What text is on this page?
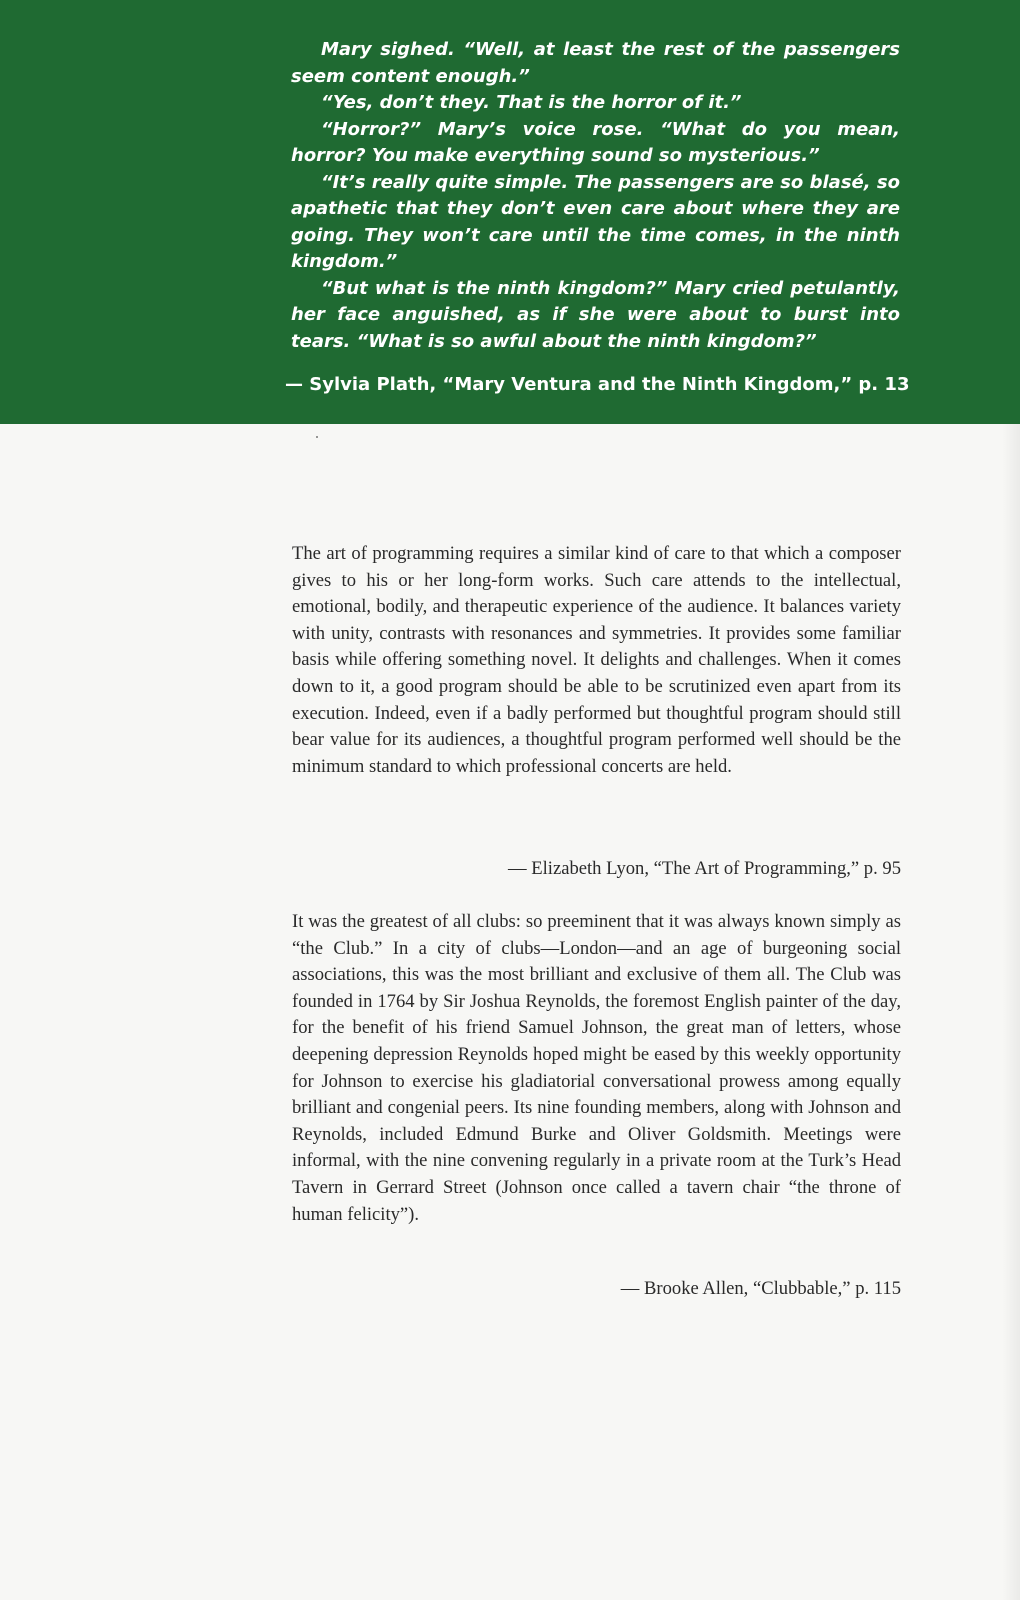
Mary sighed. “Well, at least the rest of the passengers seem content enough.”

“Yes, don’t they. That is the horror of it.”

“Horror?” Mary’s voice rose. “What do you mean, horror? You make everything sound so mysterious.”

“It’s really quite simple. The passengers are so blasé, so apathetic that they don’t even care about where they are going. They won’t care until the time comes, in the ninth kingdom.”

“But what is the ninth kingdom?” Mary cried petulantly, her face anguished, as if she were about to burst into tears. “What is so awful about the ninth kingdom?”

— Sylvia Plath, “Mary Ventura and the Ninth Kingdom,” p. 13
The art of programming requires a similar kind of care to that which a composer gives to his or her long-form works. Such care attends to the intellectual, emotional, bodily, and therapeutic experience of the audience. It balances variety with unity, contrasts with resonances and symmetries. It provides some familiar basis while offering something novel. It delights and challenges. When it comes down to it, a good program should be able to be scrutinized even apart from its execution. Indeed, even if a badly performed but thoughtful program should still bear value for its audiences, a thoughtful program performed well should be the minimum standard to which professional concerts are held.
— Elizabeth Lyon, “The Art of Programming,” p. 95
It was the greatest of all clubs: so preeminent that it was always known simply as “the Club.” In a city of clubs—London—and an age of burgeoning social associations, this was the most brilliant and exclusive of them all. The Club was founded in 1764 by Sir Joshua Reynolds, the foremost English painter of the day, for the benefit of his friend Samuel Johnson, the great man of letters, whose deepening depression Reynolds hoped might be eased by this weekly opportunity for Johnson to exercise his gladiatorial conversational prowess among equally brilliant and congenial peers. Its nine founding members, along with Johnson and Reynolds, included Edmund Burke and Oliver Goldsmith. Meetings were informal, with the nine convening regularly in a private room at the Turk’s Head Tavern in Gerrard Street (Johnson once called a tavern chair “the throne of human felicity”).
— Brooke Allen, “Clubbable,” p. 115
